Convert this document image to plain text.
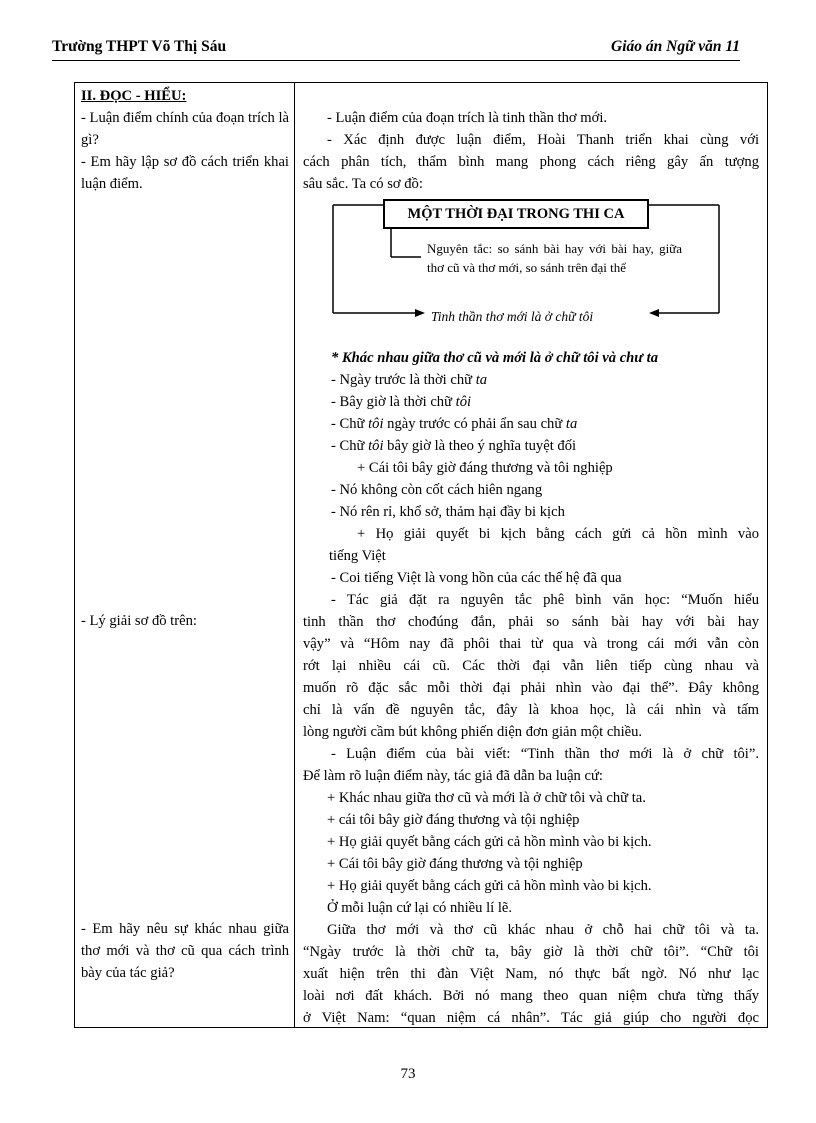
Trường THPT Võ Thị Sáu	Giáo án Ngữ văn 11
II. ĐỌC - HIỂU:
- Luận điểm chính của đoạn trích là gì?
- Em hãy lập sơ đồ cách triển khai luận điểm.
- Lý giải sơ đồ trên:
- Em hãy nêu sự khác nhau giữa thơ mới và thơ cũ qua cách trình bày của tác giả?
- Luận điểm của đoạn trích là tinh thần thơ mới.
- Xác định được luận điểm, Hoài Thanh triển khai cùng với
cách phân tích, thẩm bình mang phong cách riêng gây ấn tượng
sâu sắc. Ta có sơ đồ:
MỘT THỜI ĐẠI TRONG THI CA
Nguyên tắc: so sánh bài hay với bài hay, giữa thơ cũ và thơ mới, so sánh trên đại thể
Tinh thần thơ mới là ở chữ tôi
* Khác nhau giữa thơ cũ và mới là ở chữ tôi và chư ta
- Ngày trước là thời chữ ta
- Bây giờ là thời chữ tôi
- Chữ tôi ngày trước có phải ẩn sau chữ ta
- Chữ tôi bây giờ là theo ý nghĩa tuyệt đối
+ Cái tôi bây giờ đáng thương và tôi nghiệp
- Nó không còn cốt cách hiên ngang
- Nó rên rỉ, khổ sở, thảm hại đầy bi kịch
+ Họ giải quyết bi kịch bằng cách gửi cả hồn mình vào
tiếng Việt
- Coi tiếng Việt là vong hồn của các thế hệ đã qua
- Tác giả đặt ra nguyên tắc phê bình văn học: “Muốn hiểu
tinh thần thơ chođúng đắn, phải so sánh bài hay với bài hay
vậy” và “Hôm nay đã phôi thai từ qua và trong cái mới vẫn còn
rớt lại nhiều cái cũ. Các thời đại vẫn liên tiếp cùng nhau và
muốn rõ đặc sắc mỗi thời đại phải nhìn vào đại thể”. Đây không
chỉ là vấn đề nguyên tắc, đây là khoa học, là cái nhìn và tấm
lòng người cầm bút không phiến diện đơn giản một chiều.
- Luận điểm của bài viết: “Tinh thần thơ mới là ở chữ tôi”.
Để làm rõ luận điểm này, tác giả đã dẫn ba luận cứ:
+ Khác nhau giữa thơ cũ và mới là ở chữ tôi và chữ ta.
+ cái tôi bây giờ đáng thương và tội nghiệp
+ Họ giải quyết bằng cách gửi cả hồn mình vào bi kịch.
+ Cái tôi bây giờ đáng thương và tội nghiệp
+ Họ giải quyết bằng cách gửi cả hồn mình vào bi kịch.
Ở mỗi luận cứ lại có nhiều lí lẽ.
Giữa thơ mới và thơ cũ khác nhau ở chỗ hai chữ tôi và ta.
“Ngày trước là thời chữ ta, bây giờ là thời chữ tôi”. “Chữ tôi
xuất hiện trên thi đàn Việt Nam, nó thực bất ngờ. Nó như lạc
loài nơi đất khách. Bởi nó mang theo quan niệm chưa từng thấy
ở Việt Nam: “quan niệm cá nhân”. Tác giả giúp cho người đọc
73
